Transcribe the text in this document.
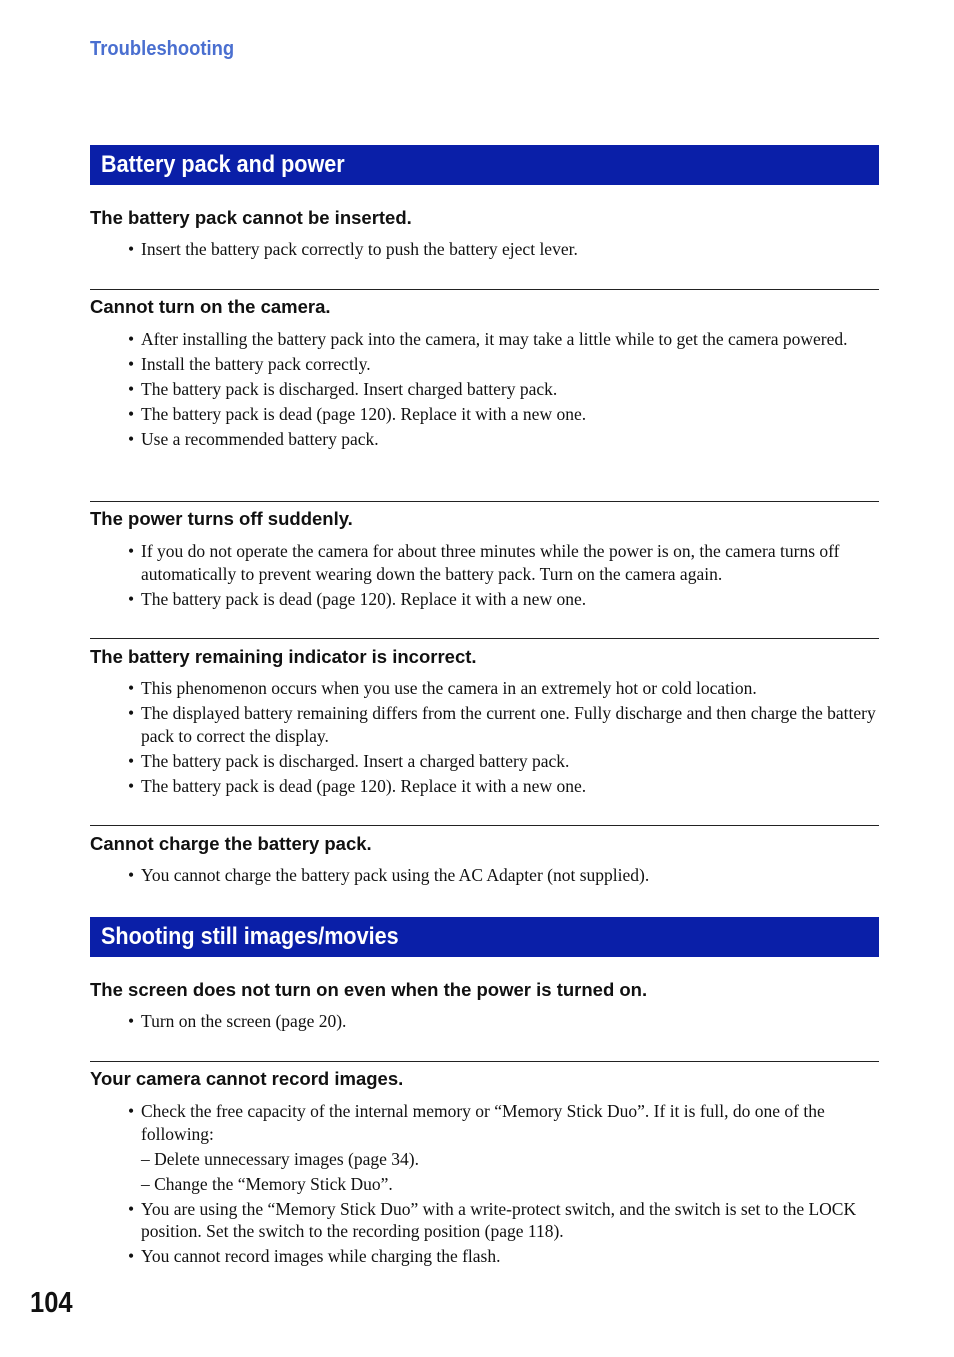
Troubleshooting
Battery pack and power
The battery pack cannot be inserted.
• Insert the battery pack correctly to push the battery eject lever.
Cannot turn on the camera.
• After installing the battery pack into the camera, it may take a little while to get the camera powered.
• Install the battery pack correctly.
• The battery pack is discharged. Insert charged battery pack.
• The battery pack is dead (page 120). Replace it with a new one.
• Use a recommended battery pack.
The power turns off suddenly.
• If you do not operate the camera for about three minutes while the power is on, the camera turns off automatically to prevent wearing down the battery pack. Turn on the camera again.
• The battery pack is dead (page 120). Replace it with a new one.
The battery remaining indicator is incorrect.
• This phenomenon occurs when you use the camera in an extremely hot or cold location.
• The displayed battery remaining differs from the current one. Fully discharge and then charge the battery pack to correct the display.
• The battery pack is discharged. Insert a charged battery pack.
• The battery pack is dead (page 120). Replace it with a new one.
Cannot charge the battery pack.
• You cannot charge the battery pack using the AC Adapter (not supplied).
Shooting still images/movies
The screen does not turn on even when the power is turned on.
• Turn on the screen (page 20).
Your camera cannot record images.
• Check the free capacity of the internal memory or “Memory Stick Duo”. If it is full, do one of the following:
– Delete unnecessary images (page 34).
– Change the “Memory Stick Duo”.
• You are using the “Memory Stick Duo” with a write-protect switch, and the switch is set to the LOCK position. Set the switch to the recording position (page 118).
• You cannot record images while charging the flash.
104
